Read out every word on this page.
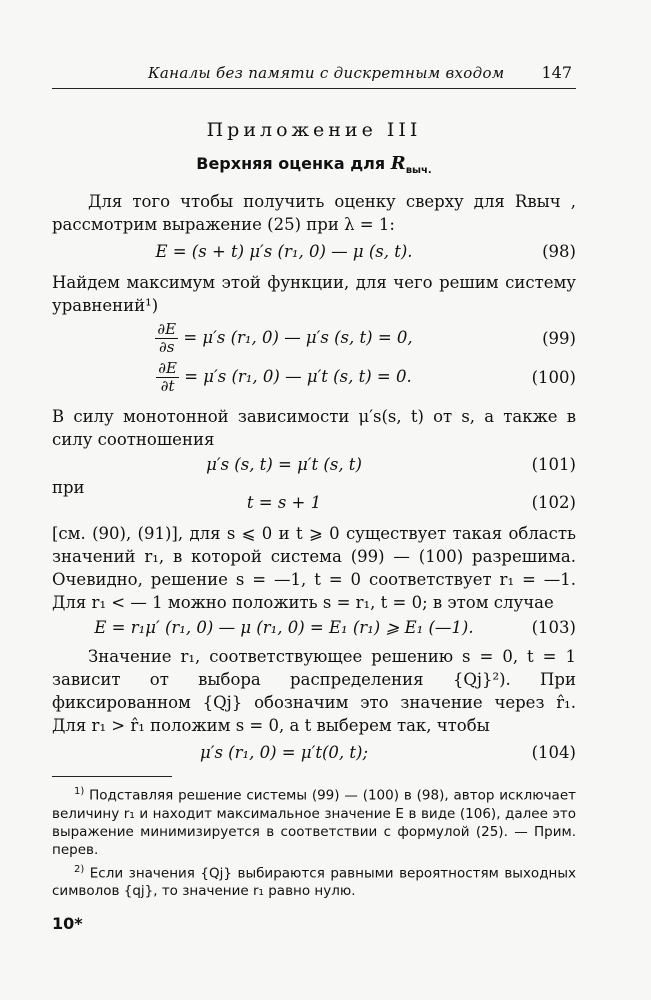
Каналы без памяти с дискретным входом 147
Приложение III
Верхняя оценка для $R_{выч.}$
Для того чтобы получить оценку сверху для Rвыч , рассмотрим выражение (25) при λ = 1:
E = (s + t) μ′s (r₁, 0) — μ (s, t).	(98)
Найдем максимум этой функции, для чего решим систему уравнений¹)
$\frac{\partial E}{\partial s} = \mu's$ (r₁, 0) — μ′s (s, t) = 0,	(99)
$\frac{\partial E}{\partial t} = \mu's$ (r₁, 0) — μ′t (s, t) = 0.	(100)
В силу монотонной зависимости μ′s(s, t) от s, а также в силу соотношения
μ′s (s, t) = μ′t (s, t)	(101)
при
t = s + 1	(102)
[см. (90), (91)], для s ⩽ 0 и t ⩾ 0 существует такая область значений r₁, в которой система (99) — (100) разрешима. Очевидно, решение s = —1, t = 0 соответствует r₁ = —1. Для r₁ < — 1 можно положить s = r₁, t = 0; в этом случае
E = r₁μ′ (r₁, 0) — μ (r₁, 0) = E₁ (r₁) ⩾ E₁ (—1).	(103)
Значение r₁, соответствующее решению s = 0, t = 1 зависит от выбора распределения {Qj}²). При фиксированном {Qj} обозначим это значение через r̂₁. Для r₁ > r̂₁ положим s = 0, а t выберем так, чтобы
μ′s (r₁, 0) = μ′t(0, t);	(104)
$^{1)}$ Подставляя решение системы (99) — (100) в (98), автор исключает величину r₁ и находит максимальное значение E в виде (106), далее это выражение минимизируется в соответствии с формулой (25). — Прим. перев.
$^{2)}$ Если значения {Qj} выбираются равными вероятностям выходных символов {qj}, то значение r₁ равно нулю.
10*
